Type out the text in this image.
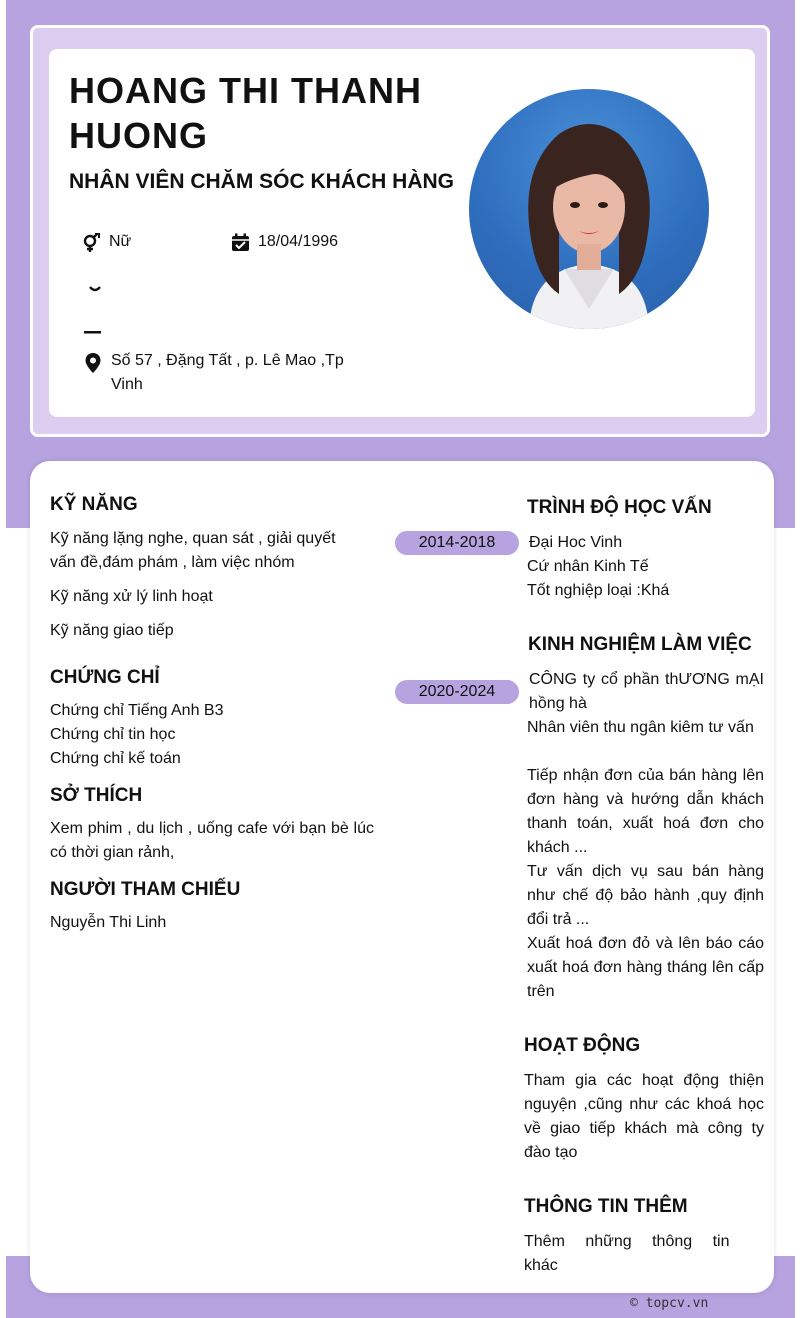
HOANG THI THANH HUONG
NHÂN VIÊN CHĂM SÓC KHÁCH HÀNG
Nữ	18/04/1996
Số 57 , Đặng Tất , p. Lê Mao ,Tp Vinh
KỸ NĂNG

Kỹ năng lặng nghe, quan sát , giải quyết vấn đề,đám phám , làm việc nhóm

Kỹ năng xử lý linh hoạt

Kỹ năng giao tiếp

CHỨNG CHỈ

Chứng chỉ Tiếng Anh B3

Chứng chỉ tin học

Chứng chỉ kế toán

SỞ THÍCH

Xem phim , du lịch , uống cafe với bạn bè lúc có thời gian rảnh,

NGƯỜI THAM CHIẾU

Nguyễn Thi Linh

TRÌNH ĐỘ HỌC VẤN
2014-2018	Đại Hoc Vinh

Cứ nhân Kinh Tế

Tốt nghiệp loại :Khá

KINH NGHIỆM LÀM VIỆC
2020-2024

CÔNG ty cổ phần thƯƠNG mẠI hồng hà

Nhân viên thu ngân kiêm tư vấn

Tiếp nhận đơn của bán hàng lên đơn hàng và hướng dẫn khách thanh toán, xuất hoá đơn cho khách ...

Tư vấn dịch vụ sau bán hàng như chế độ bảo hành ,quy định đổi trả ...

Xuất hoá đơn đỏ và lên báo cáo xuất hoá đơn hàng tháng lên cấp trên

HOẠT ĐỘNG

Tham gia các hoạt động thiện nguyện ,cũng như các khoá học về giao tiếp khách mà công ty đào tạo

THÔNG TIN THÊM

Thêm những thông tin khác

© topcv.vn
